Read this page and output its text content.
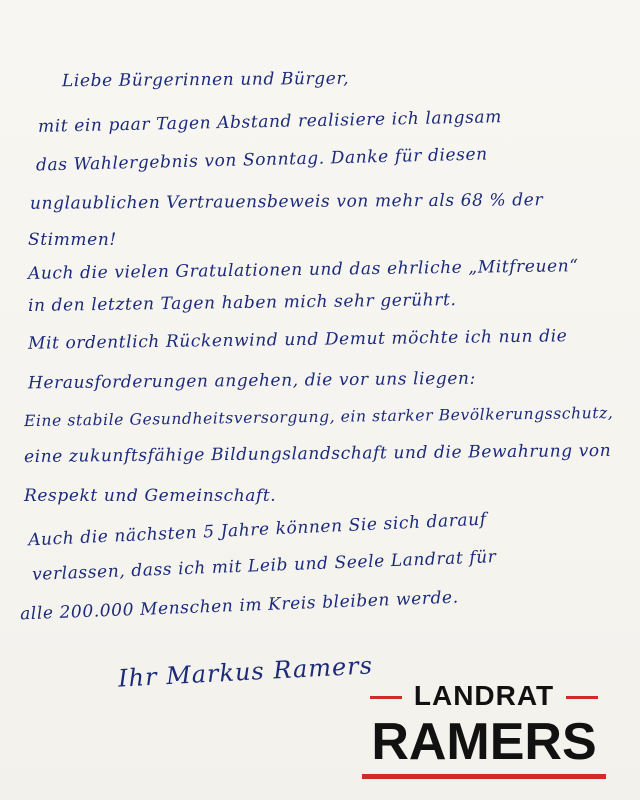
Liebe Bürgerinnen und Bürger,
mit ein paar Tagen Abstand realisiere ich langsam
das Wahlergebnis von Sonntag. Danke für diesen
unglaublichen Vertrauensbeweis von mehr als 68 % der
Stimmen!
Auch die vielen Gratulationen und das ehrliche „Mitfreuen“
in den letzten Tagen haben mich sehr gerührt.
Mit ordentlich Rückenwind und Demut möchte ich nun die
Herausforderungen angehen, die vor uns liegen:
Eine stabile Gesundheitsversorgung, ein starker Bevölkerungsschutz,
eine zukunftsfähige Bildungslandschaft und die Bewahrung von
Respekt und Gemeinschaft.
Auch die nächsten 5 Jahre können Sie sich darauf
verlassen, dass ich mit Leib und Seele Landrat für
alle 200.000 Menschen im Kreis bleiben werde.
Ihr Markus Ramers
LANDRAT
RAMERS
